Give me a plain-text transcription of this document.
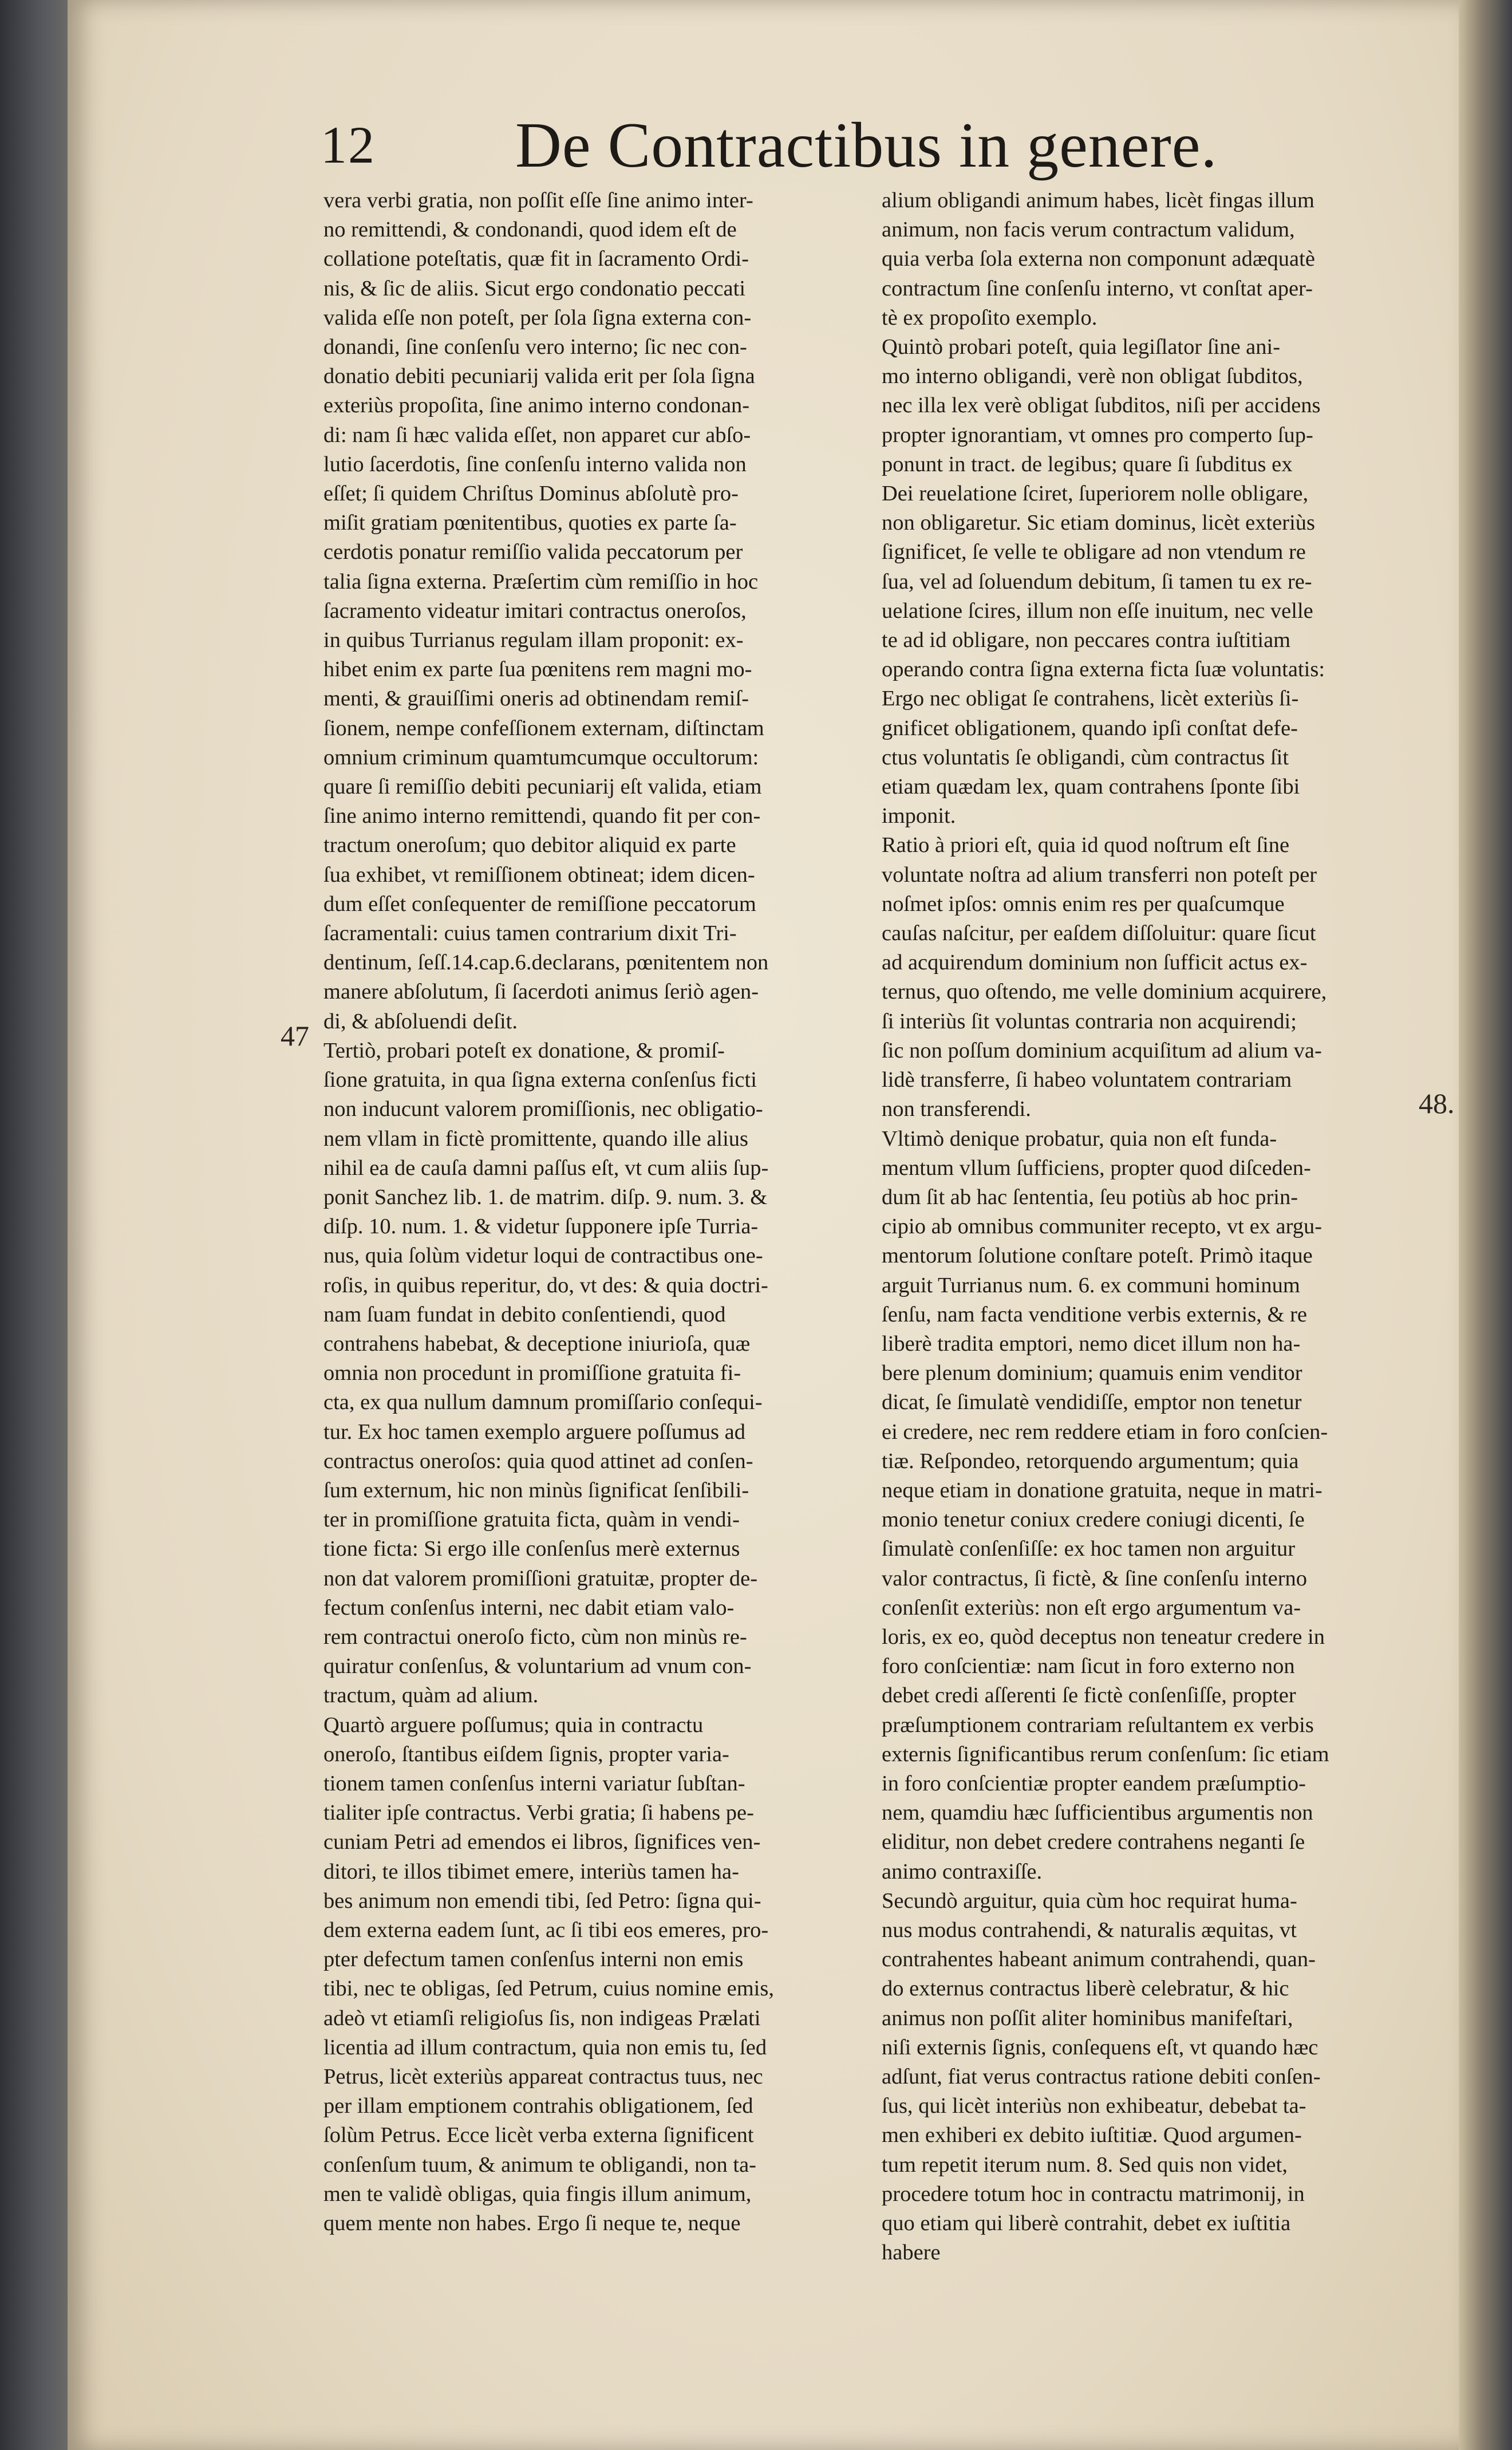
12 De Contractibus in genere.
47
48.
vera verbi gratia, non poſſit eſſe ſine animo inter-
no remittendi, & condonandi, quod idem eſt de
collatione poteſtatis, quæ fit in ſacramento Ordi-
nis, & ſic de aliis. Sicut ergo condonatio peccati
valida eſſe non poteſt, per ſola ſigna externa con-
donandi, ſine conſenſu vero interno; ſic nec con-
donatio debiti pecuniarij valida erit per ſola ſigna
exteriùs propoſita, ſine animo interno condonan-
di: nam ſi hæc valida eſſet, non apparet cur abſo-
lutio ſacerdotis, ſine conſenſu interno valida non
eſſet; ſi quidem Chriſtus Dominus abſolutè pro-
miſit gratiam pœnitentibus, quoties ex parte ſa-
cerdotis ponatur remiſſio valida peccatorum per
talia ſigna externa. Præſertim cùm remiſſio in hoc
ſacramento videatur imitari contractus oneroſos,
in quibus Turrianus regulam illam proponit: ex-
hibet enim ex parte ſua pœnitens rem magni mo-
menti, & grauiſſimi oneris ad obtinendam remiſ-
ſionem, nempe confeſſionem externam, diſtinctam
omnium criminum quamtumcumque occultorum:
quare ſi remiſſio debiti pecuniarij eſt valida, etiam
ſine animo interno remittendi, quando fit per con-
tractum oneroſum; quo debitor aliquid ex parte
ſua exhibet, vt remiſſionem obtineat; idem dicen-
dum eſſet conſequenter de remiſſione peccatorum
ſacramentali: cuius tamen contrarium dixit Tri-
dentinum, ſeſſ.14.cap.6.declarans, pœnitentem non
manere abſolutum, ſi ſacerdoti animus ſeriò agen-
di, & abſoluendi deſit.
Tertiò, probari poteſt ex donatione, & promiſ-
ſione gratuita, in qua ſigna externa conſenſus ficti
non inducunt valorem promiſſionis, nec obligatio-
nem vllam in fictè promittente, quando ille alius
nihil ea de cauſa damni paſſus eſt, vt cum aliis ſup-
ponit Sanchez lib. 1. de matrim. diſp. 9. num. 3. &
diſp. 10. num. 1. & videtur ſupponere ipſe Turria-
nus, quia ſolùm videtur loqui de contractibus one-
roſis, in quibus reperitur, do, vt des: & quia doctri-
nam ſuam fundat in debito conſentiendi, quod
contrahens habebat, & deceptione iniurioſa, quæ
omnia non procedunt in promiſſione gratuita fi-
cta, ex qua nullum damnum promiſſario conſequi-
tur. Ex hoc tamen exemplo arguere poſſumus ad
contractus oneroſos: quia quod attinet ad conſen-
ſum externum, hic non minùs ſignificat ſenſibili-
ter in promiſſione gratuita ficta, quàm in vendi-
tione ficta: Si ergo ille conſenſus merè externus
non dat valorem promiſſioni gratuitæ, propter de-
fectum conſenſus interni, nec dabit etiam valo-
rem contractui oneroſo ficto, cùm non minùs re-
quiratur conſenſus, & voluntarium ad vnum con-
tractum, quàm ad alium.
Quartò arguere poſſumus; quia in contractu
oneroſo, ſtantibus eiſdem ſignis, propter varia-
tionem tamen conſenſus interni variatur ſubſtan-
tialiter ipſe contractus. Verbi gratia; ſi habens pe-
cuniam Petri ad emendos ei libros, ſignifices ven-
ditori, te illos tibimet emere, interiùs tamen ha-
bes animum non emendi tibi, ſed Petro: ſigna qui-
dem externa eadem ſunt, ac ſi tibi eos emeres, pro-
pter defectum tamen conſenſus interni non emis
tibi, nec te obligas, ſed Petrum, cuius nomine emis,
adeò vt etiamſi religioſus ſis, non indigeas Prælati
licentia ad illum contractum, quia non emis tu, ſed
Petrus, licèt exteriùs appareat contractus tuus, nec
per illam emptionem contrahis obligationem, ſed
ſolùm Petrus. Ecce licèt verba externa ſignificent
conſenſum tuum, & animum te obligandi, non ta-
men te validè obligas, quia fingis illum animum,
quem mente non habes. Ergo ſi neque te, neque
alium obligandi animum habes, licèt fingas illum
animum, non facis verum contractum validum,
quia verba ſola externa non componunt adæquatè
contractum ſine conſenſu interno, vt conſtat aper-
tè ex propoſito exemplo.
Quintò probari poteſt, quia legiſlator ſine ani-
mo interno obligandi, verè non obligat ſubditos,
nec illa lex verè obligat ſubditos, niſi per accidens
propter ignorantiam, vt omnes pro comperto ſup-
ponunt in tract. de legibus; quare ſi ſubditus ex
Dei reuelatione ſciret, ſuperiorem nolle obligare,
non obligaretur. Sic etiam dominus, licèt exteriùs
ſignificet, ſe velle te obligare ad non vtendum re
ſua, vel ad ſoluendum debitum, ſi tamen tu ex re-
uelatione ſcires, illum non eſſe inuitum, nec velle
te ad id obligare, non peccares contra iuſtitiam
operando contra ſigna externa ficta ſuæ voluntatis:
Ergo nec obligat ſe contrahens, licèt exteriùs ſi-
gnificet obligationem, quando ipſi conſtat defe-
ctus voluntatis ſe obligandi, cùm contractus ſit
etiam quædam lex, quam contrahens ſponte ſibi
imponit.
Ratio à priori eſt, quia id quod noſtrum eſt ſine
voluntate noſtra ad alium transferri non poteſt per
noſmet ipſos: omnis enim res per quaſcumque
cauſas naſcitur, per eaſdem diſſoluitur: quare ſicut
ad acquirendum dominium non ſufficit actus ex-
ternus, quo oſtendo, me velle dominium acquirere,
ſi interiùs ſit voluntas contraria non acquirendi;
ſic non poſſum dominium acquiſitum ad alium va-
lidè transferre, ſi habeo voluntatem contrariam
non transferendi.
Vltimò denique probatur, quia non eſt funda-
mentum vllum ſufficiens, propter quod diſceden-
dum ſit ab hac ſententia, ſeu potiùs ab hoc prin-
cipio ab omnibus communiter recepto, vt ex argu-
mentorum ſolutione conſtare poteſt. Primò itaque
arguit Turrianus num. 6. ex communi hominum
ſenſu, nam facta venditione verbis externis, & re
liberè tradita emptori, nemo dicet illum non ha-
bere plenum dominium; quamuis enim venditor
dicat, ſe ſimulatè vendidiſſe, emptor non tenetur
ei credere, nec rem reddere etiam in foro conſcien-
tiæ. Reſpondeo, retorquendo argumentum; quia
neque etiam in donatione gratuita, neque in matri-
monio tenetur coniux credere coniugi dicenti, ſe
ſimulatè conſenſiſſe: ex hoc tamen non arguitur
valor contractus, ſi fictè, & ſine conſenſu interno
conſenſit exteriùs: non eſt ergo argumentum va-
loris, ex eo, quòd deceptus non teneatur credere in
foro conſcientiæ: nam ſicut in foro externo non
debet credi aſſerenti ſe fictè conſenſiſſe, propter
præſumptionem contrariam reſultantem ex verbis
externis ſignificantibus rerum conſenſum: ſic etiam
in foro conſcientiæ propter eandem præſumptio-
nem, quamdiu hæc ſufficientibus argumentis non
eliditur, non debet credere contrahens neganti ſe
animo contraxiſſe.
Secundò arguitur, quia cùm hoc requirat huma-
nus modus contrahendi, & naturalis æquitas, vt
contrahentes habeant animum contrahendi, quan-
do externus contractus liberè celebratur, & hic
animus non poſſit aliter hominibus manifeſtari,
niſi externis ſignis, conſequens eſt, vt quando hæc
adſunt, fiat verus contractus ratione debiti conſen-
ſus, qui licèt interiùs non exhibeatur, debebat ta-
men exhiberi ex debito iuſtitiæ. Quod argumen-
tum repetit iterum num. 8. Sed quis non videt,
procedere totum hoc in contractu matrimonij, in
quo etiam qui liberè contrahit, debet ex iuſtitia
habere
